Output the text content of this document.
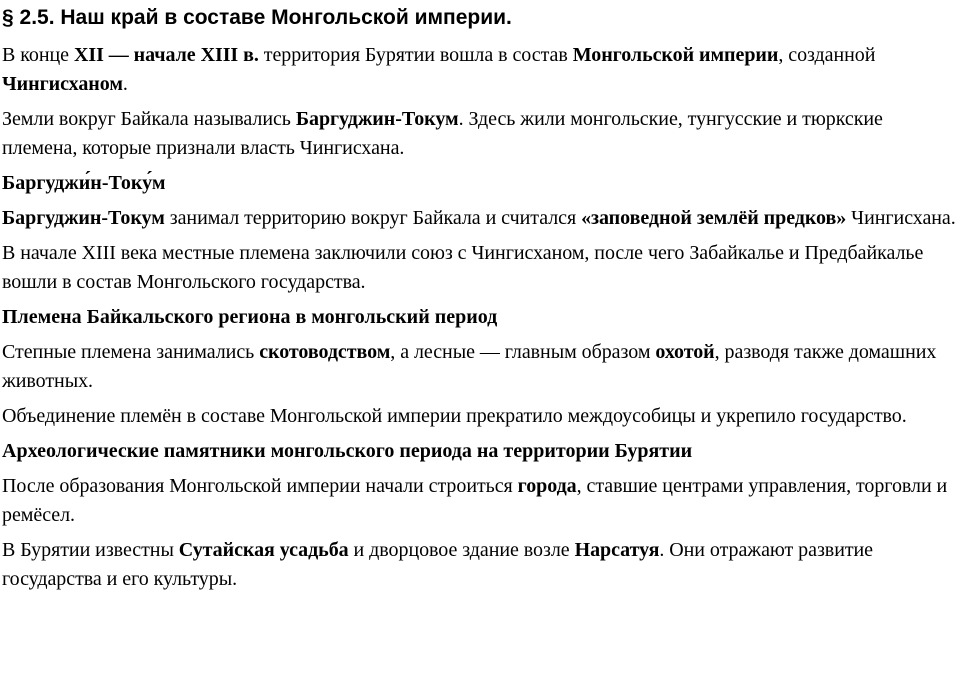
§ 2.5. Наш край в составе Монгольской империи.

В конце XII — начале XIII в. территория Бурятии вошла в состав Монгольской империи, созданной Чингисханом.

Земли вокруг Байкала назывались Баргуджин-Токум. Здесь жили монгольские, тунгусские и тюркские племена, которые признали власть Чингисхана.

Баргуджи́н-Току́м

Баргуджин-Токум занимал территорию вокруг Байкала и считался «заповедной землёй предков» Чингисхана.

В начале XIII века местные племена заключили союз с Чингисханом, после чего Забайкалье и Предбайкалье вошли в состав Монгольского государства.

Племена Байкальского региона в монгольский период

Степные племена занимались скотоводством, а лесные — главным образом охотой, разводя также домашних животных.

Объединение племён в составе Монгольской империи прекратило междоусобицы и укрепило государство.

Археологические памятники монгольского периода на территории Бурятии

После образования Монгольской империи начали строиться города, ставшие центрами управления, торговли и ремёсел.

В Бурятии известны Сутайская усадьба и дворцовое здание возле Нарсатуя. Они отражают развитие государства и его культуры.
